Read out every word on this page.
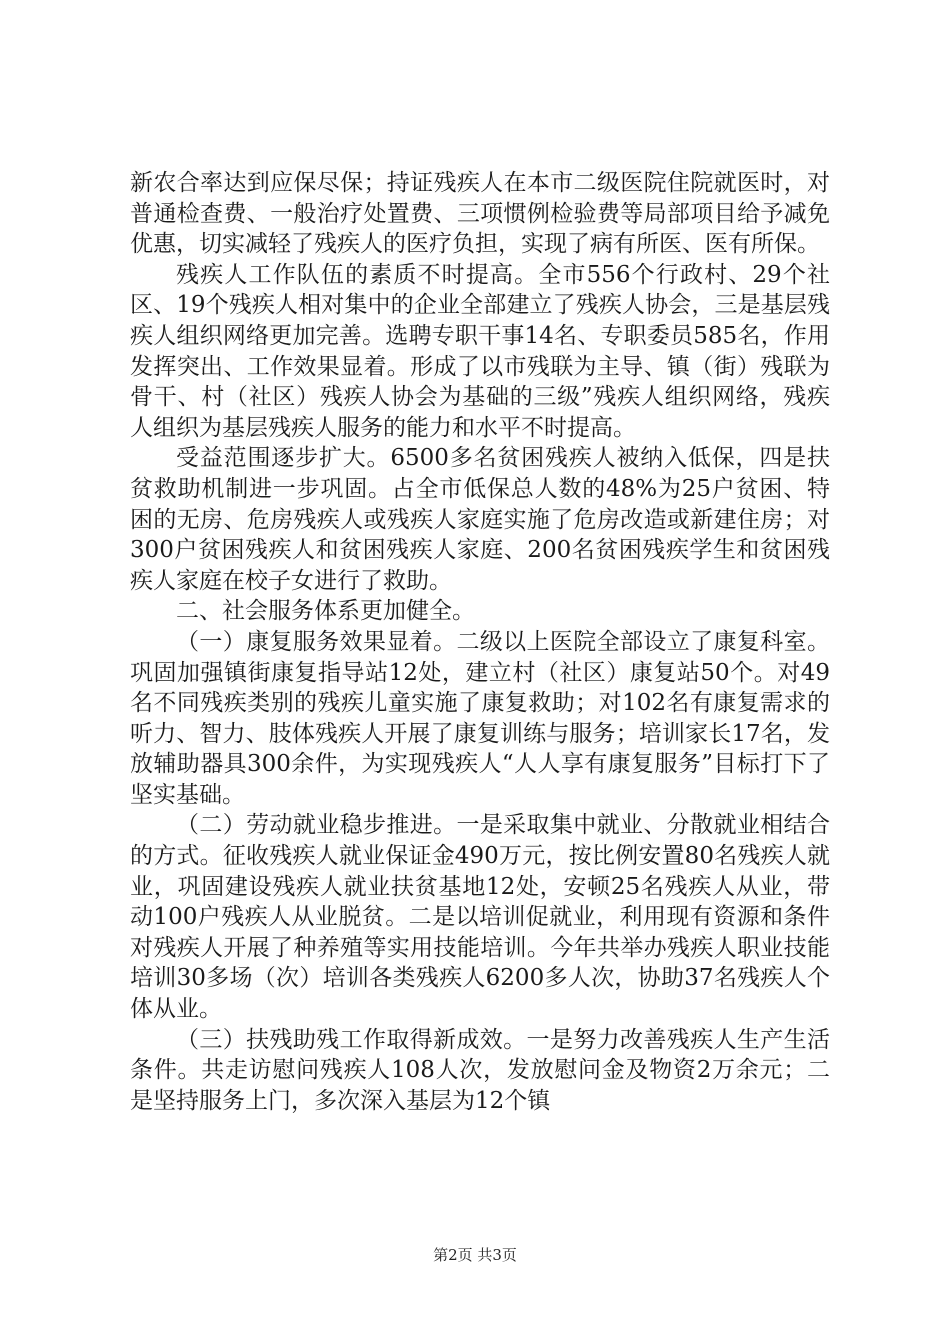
新农合率达到应保尽保；持证残疾人在本市二级医院住院就医时，对普通检查费、一般治疗处置费、三项惯例检验费等局部项目给予减免优惠，切实减轻了残疾人的医疗负担，实现了病有所医、医有所保。

残疾人工作队伍的素质不时提高。全市556个行政村、29个社区、19个残疾人相对集中的企业全部建立了残疾人协会，三是基层残疾人组织网络更加完善。选聘专职干事14名、专职委员585名，作用发挥突出、工作效果显着。形成了以市残联为主导、镇（街）残联为骨干、村（社区）残疾人协会为基础的三级”残疾人组织网络，残疾人组织为基层残疾人服务的能力和水平不时提高。

受益范围逐步扩大。6500多名贫困残疾人被纳入低保，四是扶贫救助机制进一步巩固。占全市低保总人数的48%为25户贫困、特困的无房、危房残疾人或残疾人家庭实施了危房改造或新建住房；对300户贫困残疾人和贫困残疾人家庭、200名贫困残疾学生和贫困残疾人家庭在校子女进行了救助。

二、社会服务体系更加健全。

（一）康复服务效果显着。二级以上医院全部设立了康复科室。巩固加强镇街康复指导站12处，建立村（社区）康复站50个。对49名不同残疾类别的残疾儿童实施了康复救助；对102名有康复需求的听力、智力、肢体残疾人开展了康复训练与服务；培训家长17名，发放辅助器具300余件，为实现残疾人“人人享有康复服务”目标打下了坚实基础。

（二）劳动就业稳步推进。一是采取集中就业、分散就业相结合的方式。征收残疾人就业保证金490万元，按比例安置80名残疾人就业，巩固建设残疾人就业扶贫基地12处，安顿25名残疾人从业，带动100户残疾人从业脱贫。二是以培训促就业，利用现有资源和条件对残疾人开展了种养殖等实用技能培训。今年共举办残疾人职业技能培训30多场（次）培训各类残疾人6200多人次，协助37名残疾人个体从业。

（三）扶残助残工作取得新成效。一是努力改善残疾人生产生活条件。共走访慰问残疾人108人次，发放慰问金及物资2万余元；二是坚持服务上门，多次深入基层为12个镇

第2页 共3页
